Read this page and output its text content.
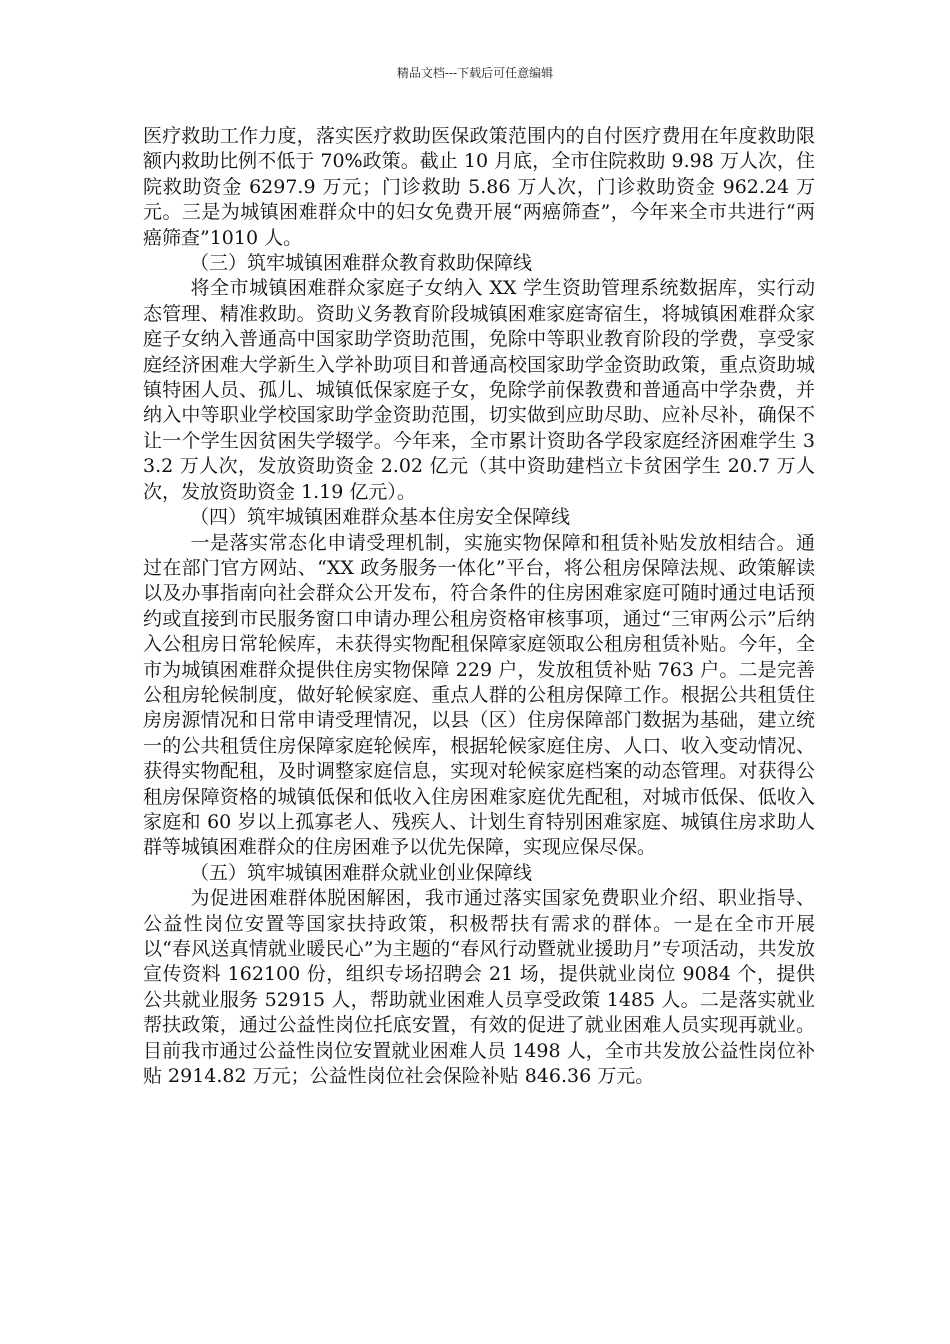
精品文档---下载后可任意编辑

医疗救助工作力度，落实医疗救助医保政策范围内的自付医疗费用在年度救助限额内救助比例不低于 70%政策。截止 10 月底，全市住院救助 9.98 万人次，住院救助资金 6297.9 万元；门诊救助 5.86 万人次，门诊救助资金 962.24 万元。三是为城镇困难群众中的妇女免费开展“两癌筛查”，今年来全市共进行“两癌筛查”1010 人。

（三）筑牢城镇困难群众教育救助保障线

将全市城镇困难群众家庭子女纳入 XX 学生资助管理系统数据库，实行动态管理、精准救助。资助义务教育阶段城镇困难家庭寄宿生，将城镇困难群众家庭子女纳入普通高中国家助学资助范围，免除中等职业教育阶段的学费，享受家庭经济困难大学新生入学补助项目和普通高校国家助学金资助政策，重点资助城镇特困人员、孤儿、城镇低保家庭子女，免除学前保教费和普通高中学杂费，并纳入中等职业学校国家助学金资助范围，切实做到应助尽助、应补尽补，确保不让一个学生因贫困失学辍学。今年来，全市累计资助各学段家庭经济困难学生 33.2 万人次，发放资助资金 2.02 亿元（其中资助建档立卡贫困学生 20.7 万人次，发放资助资金 1.19 亿元）。

（四）筑牢城镇困难群众基本住房安全保障线

一是落实常态化申请受理机制，实施实物保障和租赁补贴发放相结合。通过在部门官方网站、“XX 政务服务一体化”平台，将公租房保障法规、政策解读以及办事指南向社会群众公开发布，符合条件的住房困难家庭可随时通过电话预约或直接到市民服务窗口申请办理公租房资格审核事项，通过“三审两公示”后纳入公租房日常轮候库，未获得实物配租保障家庭领取公租房租赁补贴。今年，全市为城镇困难群众提供住房实物保障 229 户，发放租赁补贴 763 户。二是完善公租房轮候制度，做好轮候家庭、重点人群的公租房保障工作。根据公共租赁住房房源情况和日常申请受理情况，以县（区）住房保障部门数据为基础，建立统一的公共租赁住房保障家庭轮候库，根据轮候家庭住房、人口、收入变动情况、获得实物配租，及时调整家庭信息，实现对轮候家庭档案的动态管理。对获得公租房保障资格的城镇低保和低收入住房困难家庭优先配租，对城市低保、低收入家庭和 60 岁以上孤寡老人、残疾人、计划生育特别困难家庭、城镇住房求助人群等城镇困难群众的住房困难予以优先保障，实现应保尽保。

（五）筑牢城镇困难群众就业创业保障线

为促进困难群体脱困解困，我市通过落实国家免费职业介绍、职业指导、公益性岗位安置等国家扶持政策，积极帮扶有需求的群体。一是在全市开展以“春风送真情就业暖民心”为主题的“春风行动暨就业援助月”专项活动，共发放宣传资料 162100 份，组织专场招聘会 21 场，提供就业岗位 9084 个，提供公共就业服务 52915 人，帮助就业困难人员享受政策 1485 人。二是落实就业帮扶政策，通过公益性岗位托底安置，有效的促进了就业困难人员实现再就业。目前我市通过公益性岗位安置就业困难人员 1498 人，全市共发放公益性岗位补贴 2914.82 万元；公益性岗位社会保险补贴 846.36 万元。
